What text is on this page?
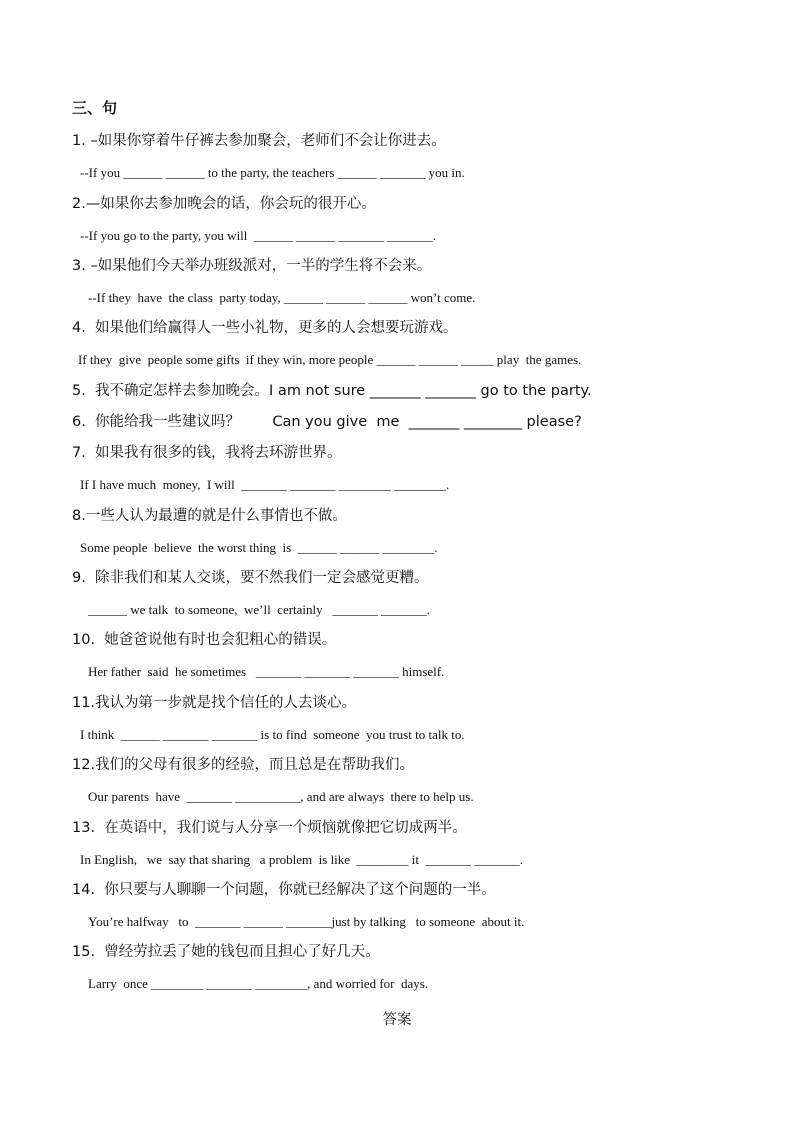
三、句
1. –如果你穿着牛仔裤去参加聚会，老师们不会让你进去。
--If you ______ ______ to the party, the teachers ______ _______ you in.
2.—如果你去参加晚会的话，你会玩的很开心。
--If you go to the party, you will  ______ ______ _______ _______.
3. –如果他们今天举办班级派对，一半的学生将不会来。
--If they  have  the class  party today, ______ ______ ______ won’t come.
4.  如果他们给赢得人一些小礼物，更多的人会想要玩游戏。
If they  give  people some gifts  if they win, more people ______ ______ _____ play  the games.
5.  我不确定怎样去参加晚会。I am not sure _______ _______ go to the party.
6.  你能给我一些建议吗？       Can you give  me  _______ ________ please?
7.  如果我有很多的钱，我将去环游世界。
If I have much  money,  I will  _______ _______ ________ ________.
8.一些人认为最遭的就是什么事情也不做。
Some people  believe  the worst thing  is  ______ ______ ________.
9.  除非我们和某人交谈，要不然我们一定会感觉更糟。
______ we talk  to someone,  we’ll  certainly   _______ _______.
10.  她爸爸说他有时也会犯粗心的错误。
Her father  said  he sometimes   _______ _______ _______ himself.
11.我认为第一步就是找个信任的人去谈心。
I think  ______ _______ _______ is to find  someone  you trust to talk to.
12.我们的父母有很多的经验，而且总是在帮助我们。
Our parents  have  _______ __________, and are always  there to help us.
13.  在英语中，我们说与人分享一个烦恼就像把它切成两半。
In English,   we  say that sharing   a problem  is like  ________ it  _______ _______.
14.  你只要与人聊聊一个问题，你就已经解决了这个问题的一半。
You’re halfway   to  _______ ______ _______just by talking   to someone  about it.
15.  曾经劳拉丢了她的钱包而且担心了好几天。
Larry  once ________ _______ ________, and worried for  days.
答案
